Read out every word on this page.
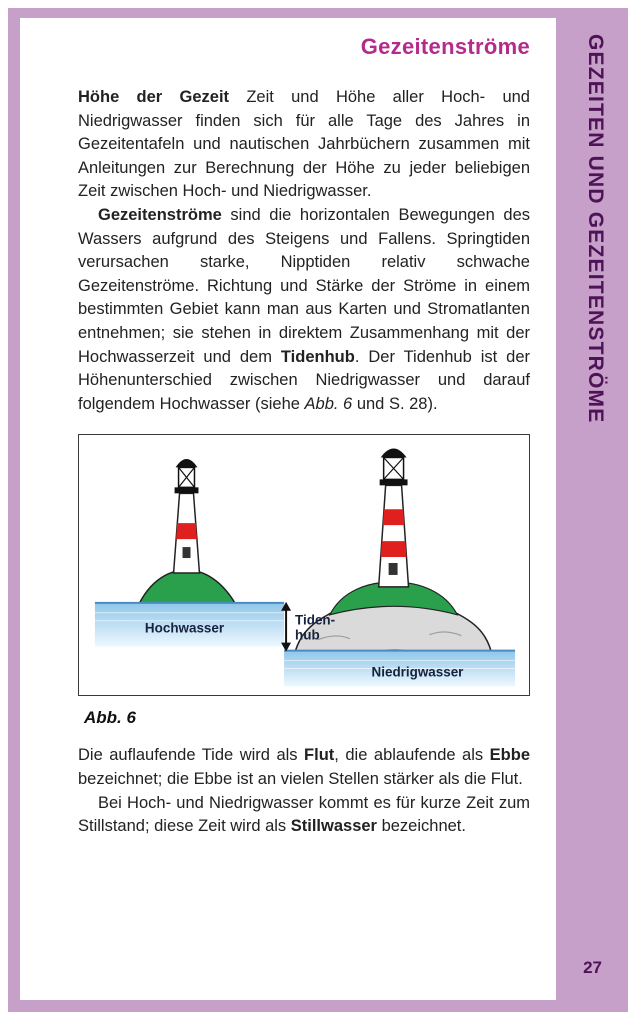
Gezeitenströme

Höhe der Gezeit Zeit und Höhe aller Hoch- und Niedrigwasser finden sich für alle Tage des Jahres in Gezeitentafeln und nautischen Jahrbüchern zusammen mit Anleitungen zur Berechnung der Höhe zu jeder beliebigen Zeit zwischen Hoch- und Niedrigwasser.

Gezeitenströme sind die horizontalen Bewegungen des Wassers aufgrund des Steigens und Fallens. Springtiden verursachen starke, Nipptiden relativ schwache Gezeitenströme. Richtung und Stärke der Ströme in einem bestimmten Gebiet kann man aus Karten und Stromatlanten entnehmen; sie stehen in direktem Zusammenhang mit der Hochwasserzeit und dem Tidenhub. Der Tidenhub ist der Höhenunterschied zwischen Niedrigwasser und darauf folgendem Hochwasser (siehe Abb. 6 und S. 28).

Hochwasser
Niedrigwasser
Tiden-
hub
Abb. 6

Die auflaufende Tide wird als Flut, die ablaufende als Ebbe bezeichnet; die Ebbe ist an vielen Stellen stärker als die Flut.

Bei Hoch- und Niedrigwasser kommt es für kurze Zeit zum Stillstand; diese Zeit wird als Stillwasser bezeichnet.

GEZEITEN UND GEZEITENSTRÖME
27
